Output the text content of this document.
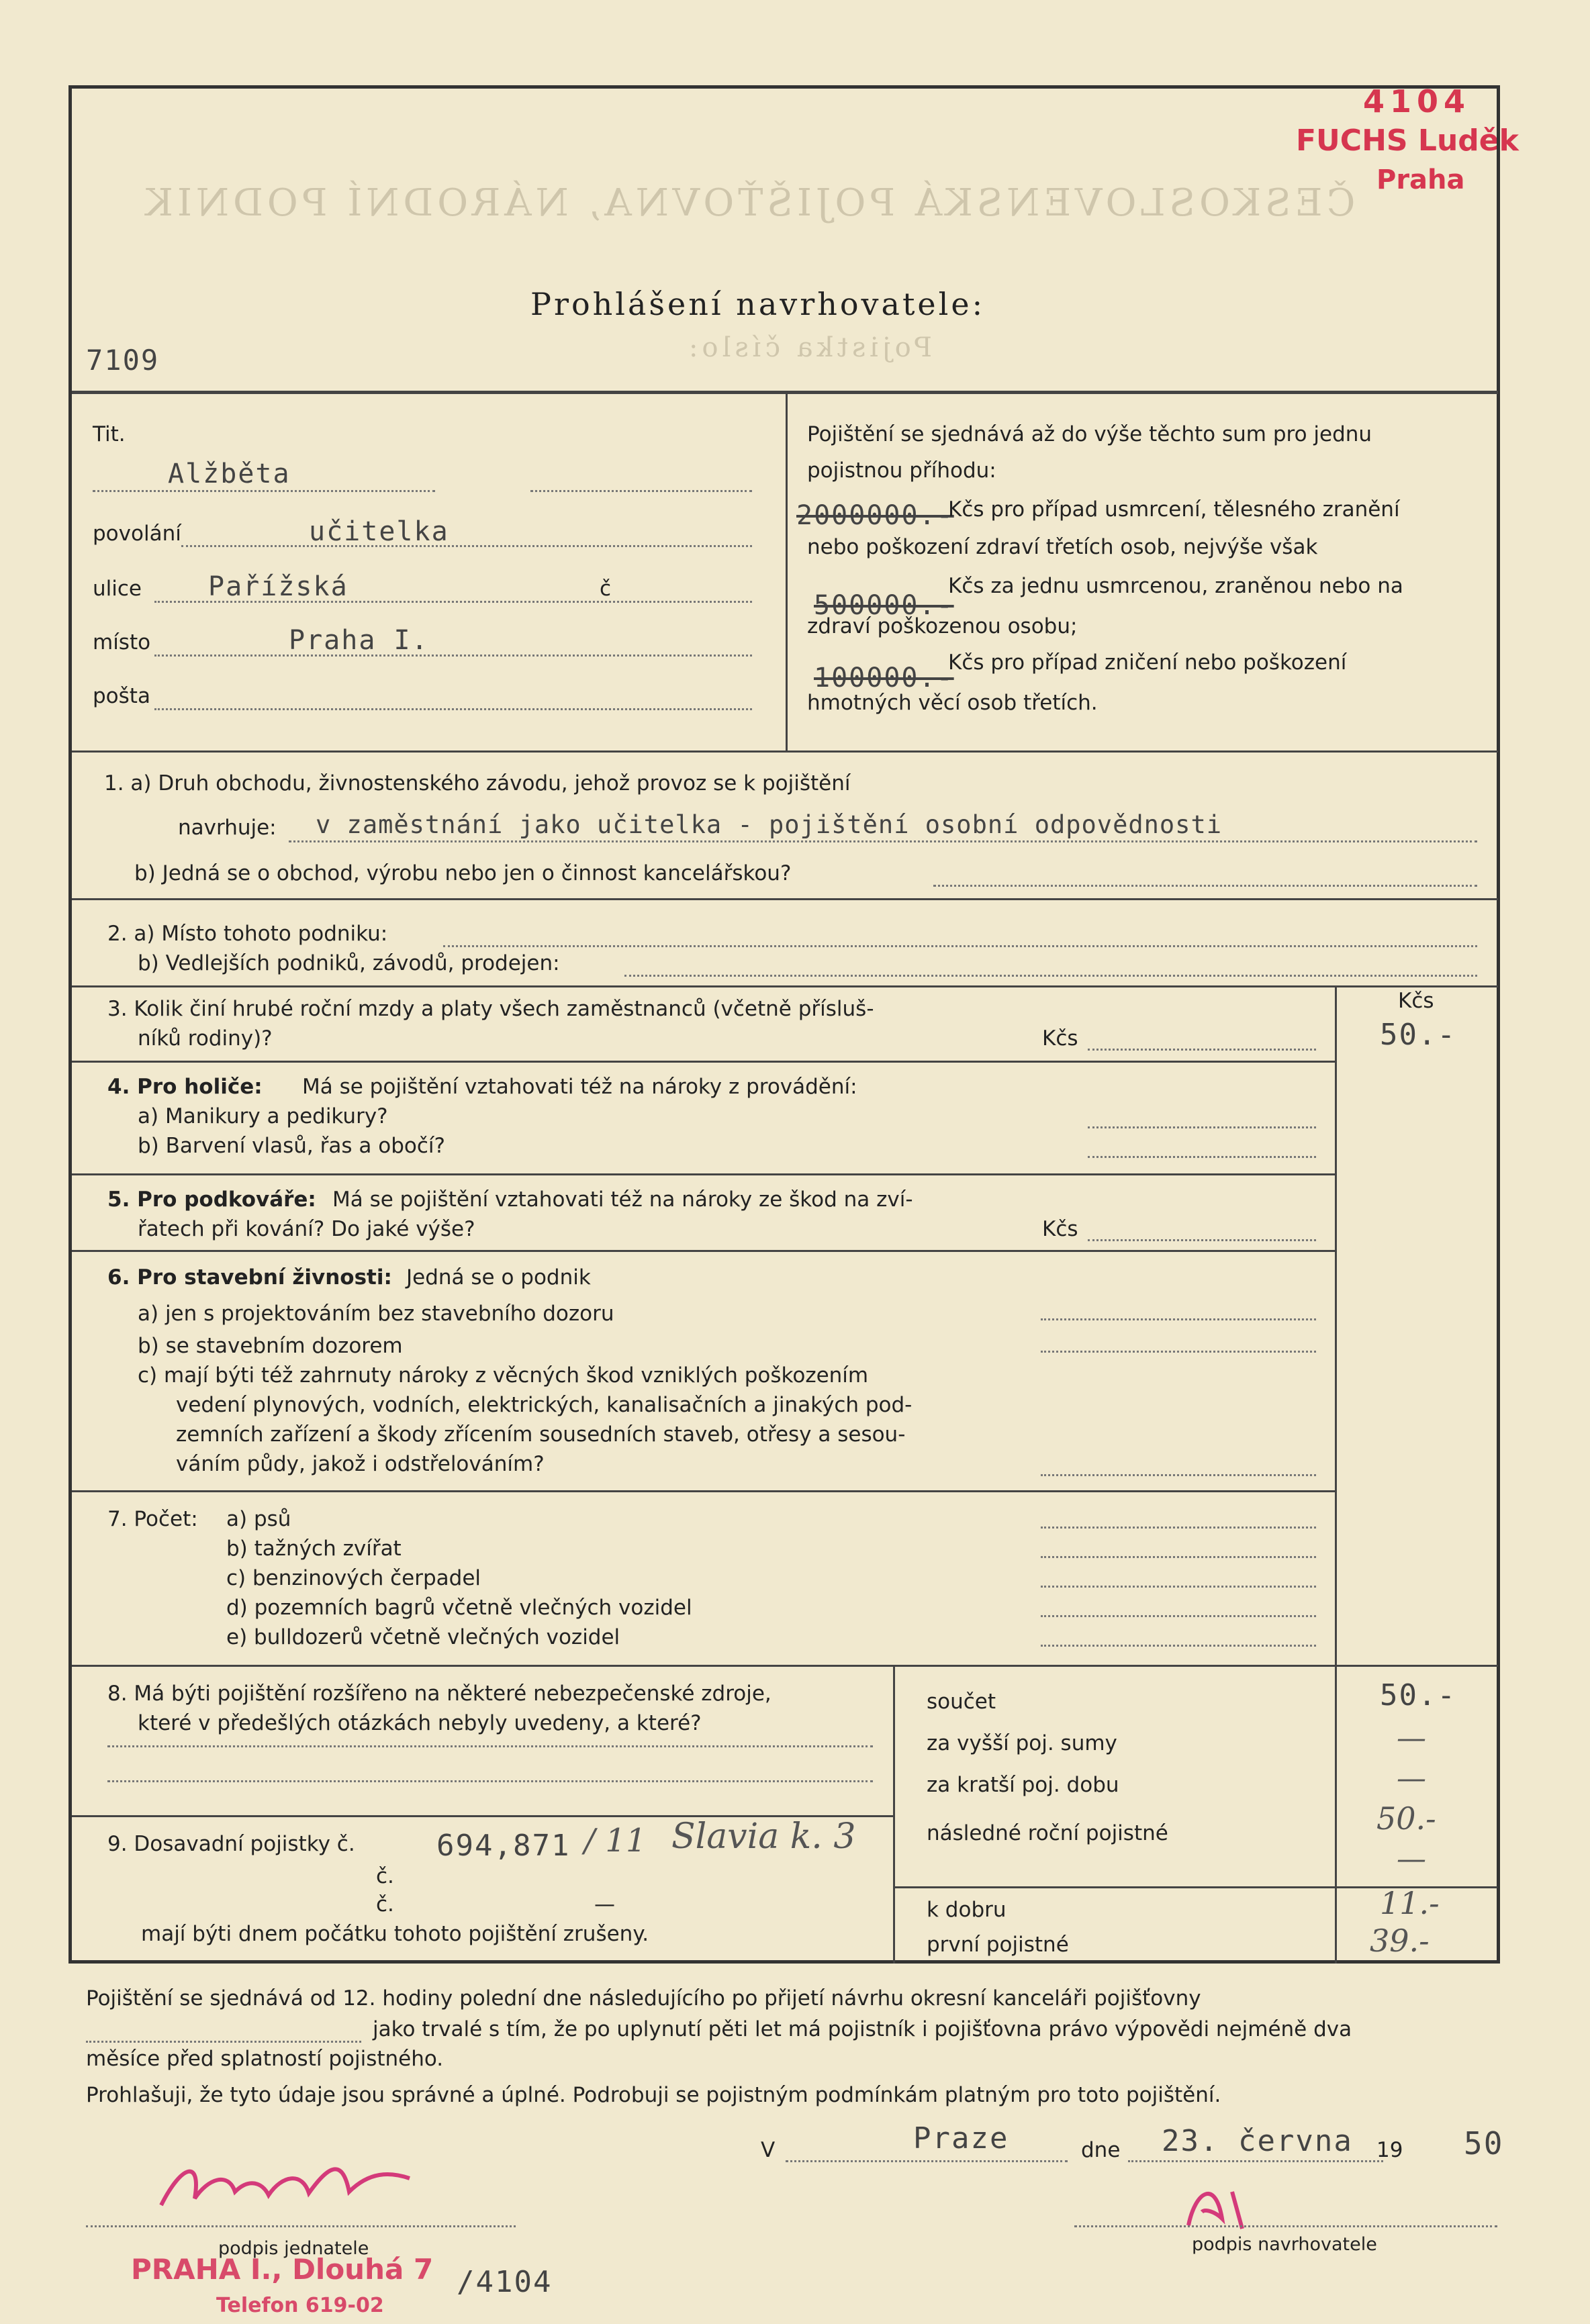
ČESKOSLOVENSKÁ POJIŠŤOVNA, NÁRODNÍ PODNIK
Pojistka číslo:
4104
FUCHS Luděk
Praha
Prohlášení navrhovatele:
7109
Tit.
Alžběta
povolání	učitelka
ulice Pařížská	č
místo	Praha I.
pošta
Pojištění se sjednává až do výše těchto sum pro jednu
pojistnou příhodu:
2000000.-
Kčs pro případ usmrcení, tělesného zranění
nebo poškození zdraví třetích osob, nejvýše však
500000.-
Kčs za jednu usmrcenou, zraněnou nebo na
zdraví poškozenou osobu;
100000.-
Kčs pro případ zničení nebo poškození
hmotných věcí osob třetích.
1. a) Druh obchodu, živnostenského závodu, jehož provoz se k pojištění
navrhuje: v zaměstnání jako učitelka - pojištění osobní odpovědnosti
b) Jedná se o obchod, výrobu nebo jen o činnost kancelářskou?
2. a) Místo tohoto podniku:
b) Vedlejších podniků, závodů, prodejen:
3. Kolik činí hrubé roční mzdy a platy všech zaměstnanců (včetně přísluš-
níků rodiny)?	Kčs
Kčs
50.-
4. Pro holiče: Má se pojištění vztahovati též na nároky z provádění:
a) Manikury a pedikury?
b) Barvení vlasů, řas a obočí?
5. Pro podkováře: Má se pojištění vztahovati též na nároky ze škod na zví-
řatech při kování? Do jaké výše?	Kčs
6. Pro stavební živnosti: Jedná se o podnik
a) jen s projektováním bez stavebního dozoru
b) se stavebním dozorem
c) mají býti též zahrnuty nároky z věcných škod vzniklých poškozením
vedení plynových, vodních, elektrických, kanalisačních a jinakých pod-
zemních zařízení a škody zřícením sousedních staveb, otřesy a sesou-
váním půdy, jakož i odstřelováním?
7. Počet: a) psů
b) tažných zvířat
c) benzinových čerpadel
d) pozemních bagrů včetně vlečných vozidel
e) bulldozerů včetně vlečných vozidel
8. Má býti pojištění rozšířeno na některé nebezpečenské zdroje,
které v předešlých otázkách nebyly uvedeny, a které?
9. Dosavadní pojistky č.	694,871 / 11 Slavia k. 3
č.
č.	—
mají býti dnem počátku tohoto pojištění zrušeny.
součet	50.-
za vyšší poj. sumy	—
za kratší poj. dobu	—
následné roční pojistné	50.-
—
k dobru	11.-
první pojistné	39.-
Pojištění se sjednává od 12. hodiny polední dne následujícího po přijetí návrhu okresní kanceláři pojišťovny
jako trvalé s tím, že po uplynutí pěti let má pojistník i pojišťovna právo výpovědi nejméně dva
měsíce před splatností pojistného.
Prohlašuji, že tyto údaje jsou správné a úplné. Podrobuji se pojistným podmínkám platným pro toto pojištění.
V	Praze	dne 23. června 19 50
podpis jednatele
PRAHA I., Dlouhá 7
Telefon 619-02
/4104
podpis navrhovatele
